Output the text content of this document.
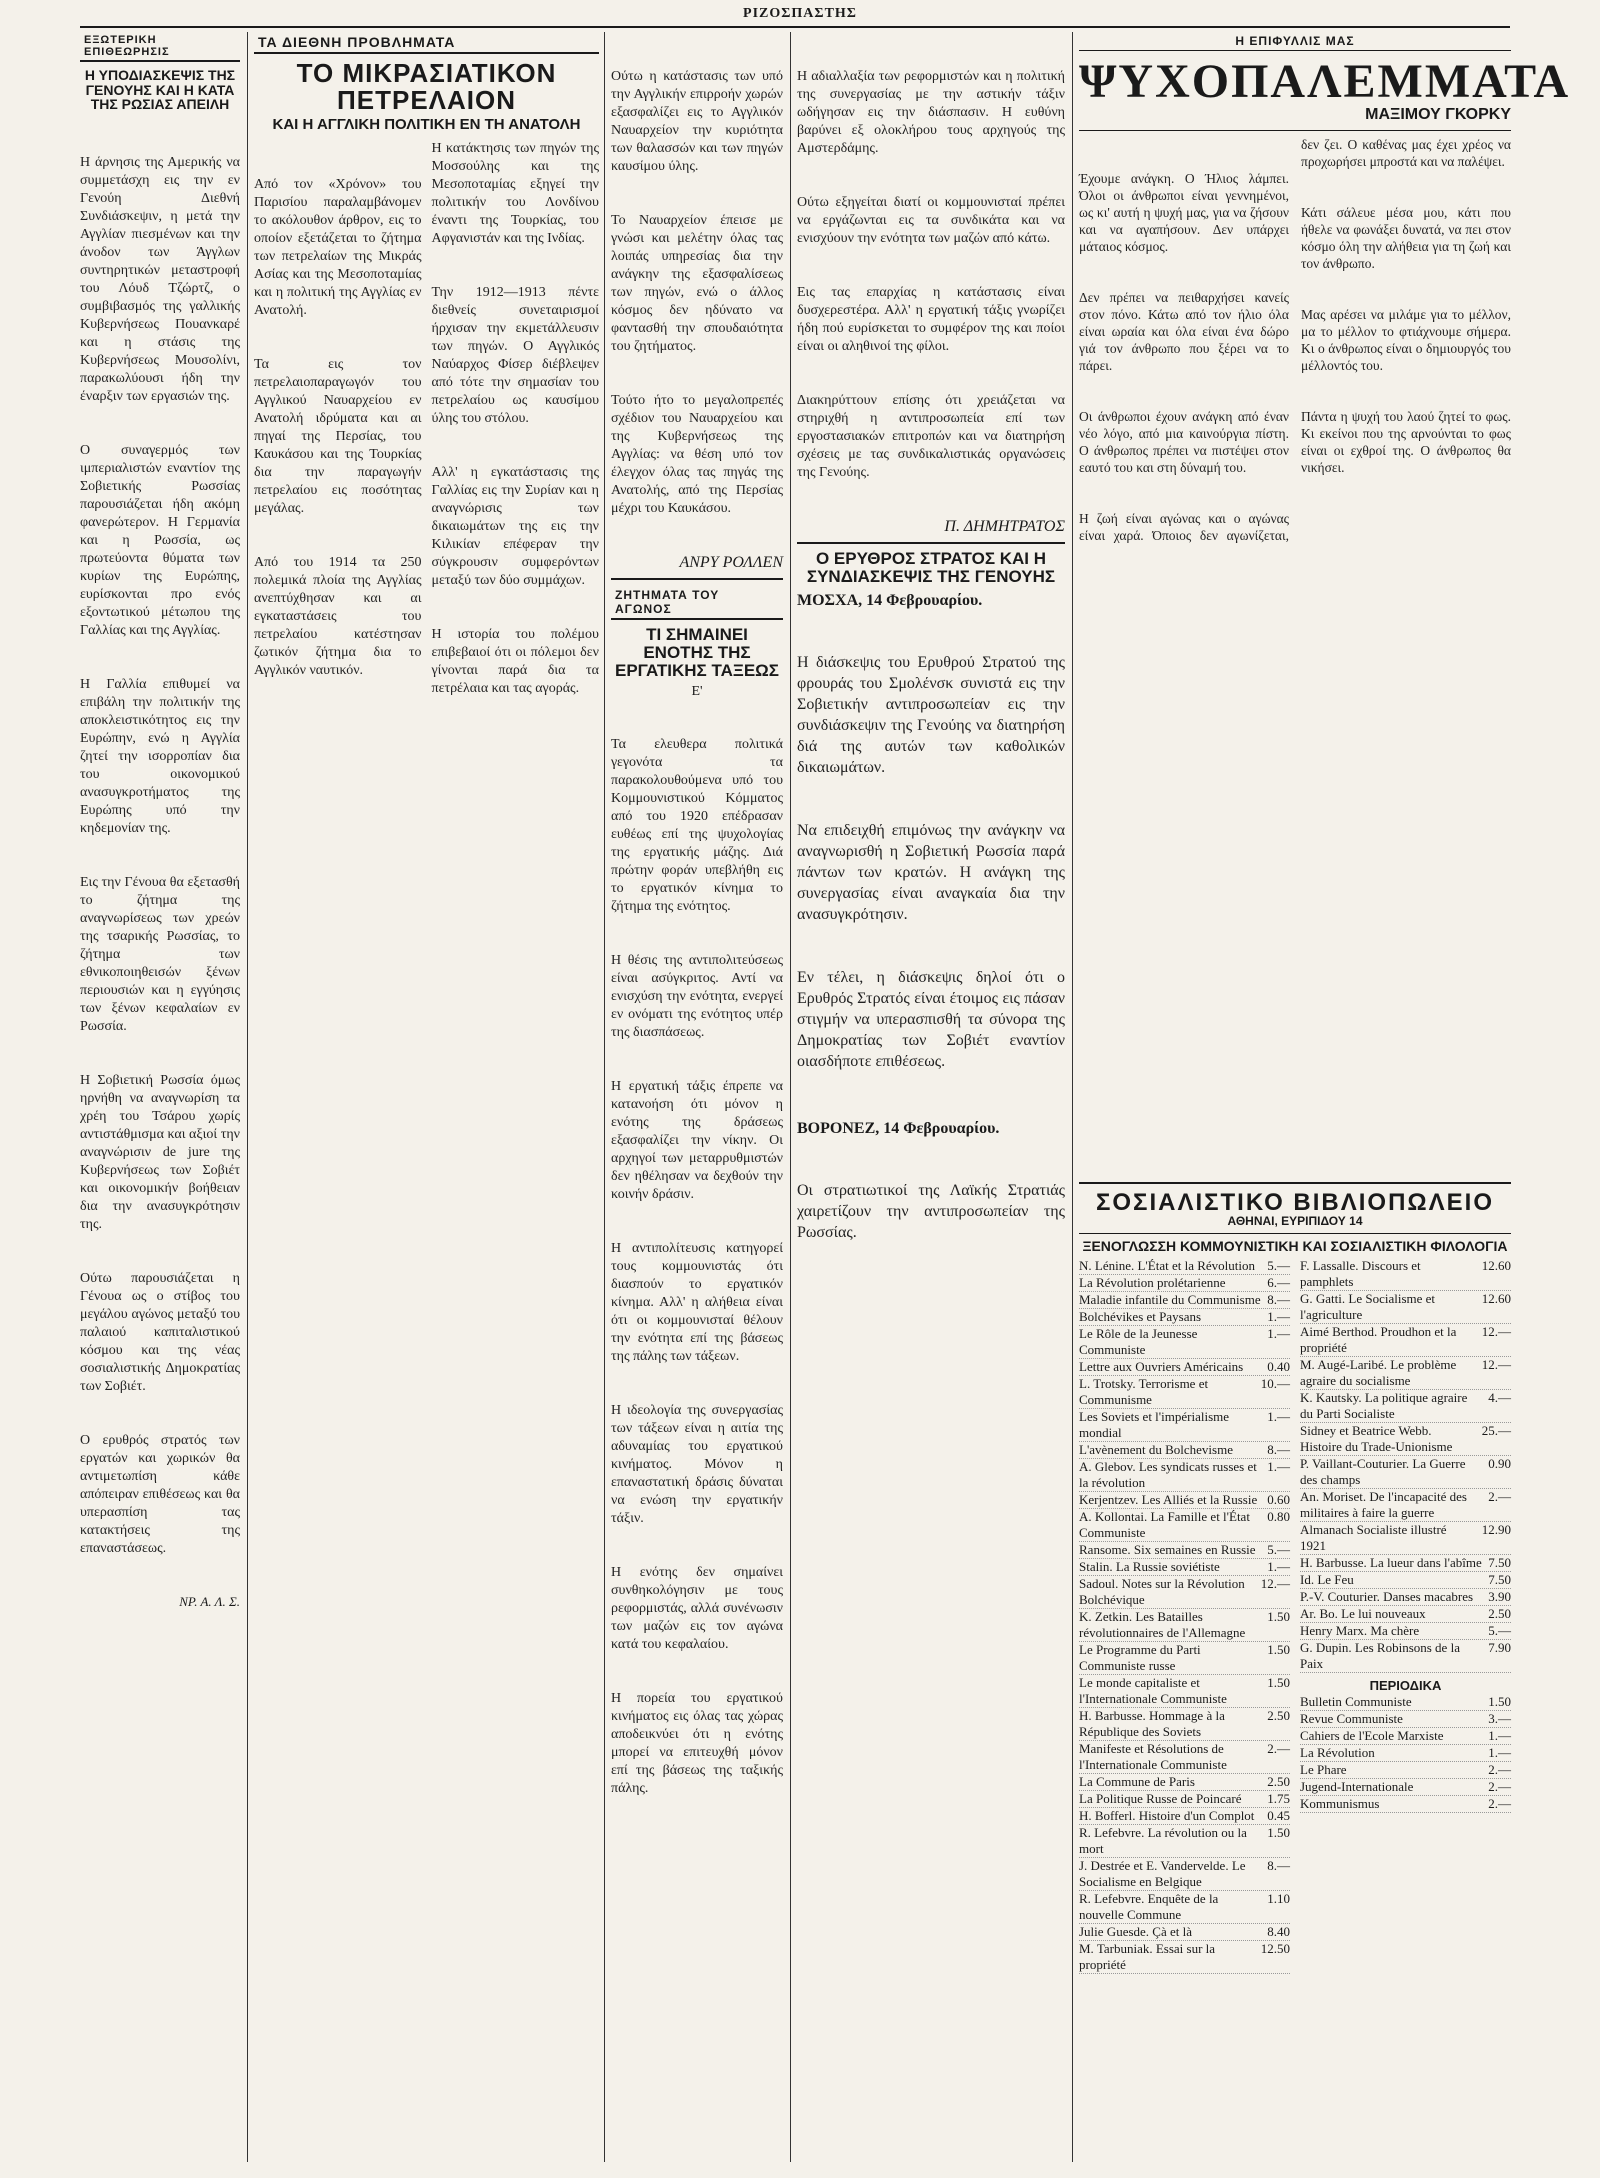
ΡΙΖΟΣΠΑΣΤΗΣ
ΕΞΩΤΕΡΙΚΗ ΕΠΙΘΕΩΡΗΣΙΣ
Η ΥΠΟΔΙΑΣΚΕΨΙΣ ΤΗΣ ΓΕΝΟΥΗΣ ΚΑΙ Η ΚΑΤΑ ΤΗΣ ΡΩΣΙΑΣ ΑΠΕΙΛΗ

Η άρνησις της Αμερικής να συμμετάσχη εις την εν Γενούη Διεθνή Συνδιάσκεψιν, η μετά την Αγγλίαν πιεσμένων και την άνοδον των Άγγλων συντηρητικών μεταστροφή του Λόυδ Τζώρτζ, ο συμβιβασμός της γαλλικής Κυβερνήσεως Πουανκαρέ και η στάσις της Κυβερνήσεως Μουσολίνι, παρακωλύουσι ήδη την έναρξιν των εργασιών της.

Ο συναγερμός των ιμπεριαλιστών εναντίον της Σοβιετικής Ρωσσίας παρουσιάζεται ήδη ακόμη φανερώτερον. Η Γερμανία και η Ρωσσία, ως πρωτεύοντα θύματα των κυρίων της Ευρώπης, ευρίσκονται προ ενός εξοντωτικού μέτωπου της Γαλλίας και της Αγγλίας.

Η Γαλλία επιθυμεί να επιβάλη την πολιτικήν της αποκλειστικότητος εις την Ευρώπην, ενώ η Αγγλία ζητεί την ισορροπίαν δια του οικονομικού ανασυγκροτήματος της Ευρώπης υπό την κηδεμονίαν της.

Εις την Γένουα θα εξετασθή το ζήτημα της αναγνωρίσεως των χρεών της τσαρικής Ρωσσίας, το ζήτημα των εθνικοποιηθεισών ξένων περιουσιών και η εγγύησις των ξένων κεφαλαίων εν Ρωσσία.

Η Σοβιετική Ρωσσία όμως ηρνήθη να αναγνωρίση τα χρέη του Τσάρου χωρίς αντιστάθμισμα και αξιοί την αναγνώρισιν de jure της Κυβερνήσεως των Σοβιέτ και οικονομικήν βοήθειαν δια την ανασυγκρότησιν της.

Ούτω παρουσιάζεται η Γένουα ως ο στίβος του μεγάλου αγώνος μεταξύ του παλαιού καπιταλιστικού κόσμου και της νέας σοσιαλιστικής Δημοκρατίας των Σοβιέτ.

Ο ερυθρός στρατός των εργατών και χωρικών θα αντιμετωπίση κάθε απόπειραν επιθέσεως και θα υπερασπίση τας κατακτήσεις της επαναστάσεως.

ΝΡ. Α. Λ. Σ.
ΤΑ ΔΙΕΘΝΗ ΠΡΟΒΛΗΜΑΤΑ
ΤΟ ΜΙΚΡΑΣΙΑΤΙΚΟΝ ΠΕΤΡΕΛΑΙΟΝ
ΚΑΙ Η ΑΓΓΛΙΚΗ ΠΟΛΙΤΙΚΗ ΕΝ ΤΗ ΑΝΑΤΟΛΗ

Από τον «Χρόνον» του Παρισίου παραλαμβάνομεν το ακόλουθον άρθρον, εις το οποίον εξετάζεται το ζήτημα των πετρελαίων της Μικράς Ασίας και της Μεσοποταμίας και η πολιτική της Αγγλίας εν Ανατολή.

Τα εις τον πετρελαιοπαραγωγόν του Αγγλικού Ναυαρχείου εν Ανατολή ιδρύματα και αι πηγαί της Περσίας, του Καυκάσου και της Τουρκίας δια την παραγωγήν πετρελαίου εις ποσότητας μεγάλας.

Από του 1914 τα 250 πολεμικά πλοία της Αγγλίας ανεπτύχθησαν και αι εγκαταστάσεις του πετρελαίου κατέστησαν ζωτικόν ζήτημα δια το Αγγλικόν ναυτικόν.

Η κατάκτησις των πηγών της Μοσσούλης και της Μεσοποταμίας εξηγεί την πολιτικήν του Λονδίνου έναντι της Τουρκίας, του Αφγανιστάν και της Ινδίας.

Την 1912—1913 πέντε διεθνείς συνεταιρισμοί ήρχισαν την εκμετάλλευσιν των πηγών. Ο Αγγλικός Ναύαρχος Φίσερ διέβλεψεν από τότε την σημασίαν του πετρελαίου ως καυσίμου ύλης του στόλου.

Αλλ' η εγκατάστασις της Γαλλίας εις την Συρίαν και η αναγνώρισις των δικαιωμάτων της εις την Κιλικίαν επέφεραν την σύγκρουσιν συμφερόντων μεταξύ των δύο συμμάχων.

Η ιστορία του πολέμου επιβεβαιοί ότι οι πόλεμοι δεν γίνονται παρά δια τα πετρέλαια και τας αγοράς.

Ούτω η κατάστασις των υπό την Αγγλικήν επιρροήν χωρών εξασφαλίζει εις το Αγγλικόν Ναυαρχείον την κυριότητα των θαλασσών και των πηγών καυσίμου ύλης.

Το Ναυαρχείον έπεισε με γνώσι και μελέτην όλας τας λοιπάς υπηρεσίας δια την ανάγκην της εξασφαλίσεως των πηγών, ενώ ο άλλος κόσμος δεν ηδύνατο να φαντασθή την σπουδαιότητα του ζητήματος.

Τούτο ήτο το μεγαλοπρεπές σχέδιον του Ναυαρχείου και της Κυβερνήσεως της Αγγλίας: να θέση υπό τον έλεγχον όλας τας πηγάς της Ανατολής, από της Περσίας μέχρι του Καυκάσου.

ΑΝΡΥ ΡΟΛΛΕΝ
ΖΗΤΗΜΑΤΑ ΤΟΥ ΑΓΩΝΟΣ
ΤΙ ΣΗΜΑΙΝΕΙ ΕΝΟΤΗΣ ΤΗΣ ΕΡΓΑΤΙΚΗΣ ΤΑΞΕΩΣ
Ε'

Τα ελευθερα πολιτικά γεγονότα τα παρακολουθούμενα υπό του Κομμουνιστικού Κόμματος από του 1920 επέδρασαν ευθέως επί της ψυχολογίας της εργατικής μάζης. Διά πρώτην φοράν υπεβλήθη εις το εργατικόν κίνημα το ζήτημα της ενότητος.

Η θέσις της αντιπολιτεύσεως είναι ασύγκριτος. Αντί να ενισχύση την ενότητα, ενεργεί εν ονόματι της ενότητος υπέρ της διασπάσεως.

Η εργατική τάξις έπρεπε να κατανοήση ότι μόνον η ενότης της δράσεως εξασφαλίζει την νίκην. Οι αρχηγοί των μεταρρυθμιστών δεν ηθέλησαν να δεχθούν την κοινήν δράσιν.

Η αντιπολίτευσις κατηγορεί τους κομμουνιστάς ότι διασπούν το εργατικόν κίνημα. Αλλ' η αλήθεια είναι ότι οι κομμουνισταί θέλουν την ενότητα επί της βάσεως της πάλης των τάξεων.

Η ιδεολογία της συνεργασίας των τάξεων είναι η αιτία της αδυναμίας του εργατικού κινήματος. Μόνον η επαναστατική δράσις δύναται να ενώση την εργατικήν τάξιν.

Η ενότης δεν σημαίνει συνθηκολόγησιν με τους ρεφορμιστάς, αλλά συνένωσιν των μαζών εις τον αγώνα κατά του κεφαλαίου.

Η πορεία του εργατικού κινήματος εις όλας τας χώρας αποδεικνύει ότι η ενότης μπορεί να επιτευχθή μόνον επί της βάσεως της ταξικής πάλης.

Η αδιαλλαξία των ρεφορμιστών και η πολιτική της συνεργασίας με την αστικήν τάξιν ωδήγησαν εις την διάσπασιν. Η ευθύνη βαρύνει εξ ολοκλήρου τους αρχηγούς της Αμστερδάμης.

Ούτω εξηγείται διατί οι κομμουνισταί πρέπει να εργάζωνται εις τα συνδικάτα και να ενισχύουν την ενότητα των μαζών από κάτω.

Εις τας επαρχίας η κατάστασις είναι δυσχερεστέρα. Αλλ' η εργατική τάξις γνωρίζει ήδη πού ευρίσκεται το συμφέρον της και ποίοι είναι οι αληθινοί της φίλοι.

Διακηρύττουν επίσης ότι χρειάζεται να στηριχθή η αντιπροσωπεία επί των εργοστασιακών επιτροπών και να διατηρήση σχέσεις με τας συνδικαλιστικάς οργανώσεις της Γενούης.

Π. ΔΗΜΗΤΡΑΤΟΣ
Ο ΕΡΥΘΡΟΣ ΣΤΡΑΤΟΣ ΚΑΙ Η ΣΥΝΔΙΑΣΚΕΨΙΣ ΤΗΣ ΓΕΝΟΥΗΣ
ΜΟΣΧΑ, 14 Φεβρουαρίου.

Η διάσκεψις του Ερυθρού Στρατού της φρουράς του Σμολένσκ συνιστά εις την Σοβιετικήν αντιπροσωπείαν εις την συνδιάσκεψιν της Γενούης να διατηρήση διά της αυτών των καθολικών δικαιωμάτων.

Να επιδειχθή επιμόνως την ανάγκην να αναγνωρισθή η Σοβιετική Ρωσσία παρά πάντων των κρατών. Η ανάγκη της συνεργασίας είναι αναγκαία δια την ανασυγκρότησιν.

Εν τέλει, η διάσκεψις δηλοί ότι ο Ερυθρός Στρατός είναι έτοιμος εις πάσαν στιγμήν να υπερασπισθή τα σύνορα της Δημοκρατίας των Σοβιέτ εναντίον οιασδήποτε επιθέσεως.

ΒΟΡΟΝΕΖ, 14 Φεβρουαρίου.

Οι στρατιωτικοί της Λαϊκής Στρατιάς χαιρετίζουν την αντιπροσωπείαν της Ρωσσίας.

Η ΕΠΙΦΥΛΛΙΣ ΜΑΣ
ΨΥΧΟΠΑΛΕΜΜΑΤΑ
ΜΑΞΙΜΟΥ ΓΚΟΡΚΥ

Έχουμε ανάγκη. Ο Ήλιος λάμπει. Όλοι οι άνθρωποι είναι γεννημένοι, ως κι' αυτή η ψυχή μας, για να ζήσουν και να αγαπήσουν. Δεν υπάρχει μάταιος κόσμος.

Δεν πρέπει να πειθαρχήσει κανείς στον πόνο. Κάτω από τον ήλιο όλα είναι ωραία και όλα είναι ένα δώρο γιά τον άνθρωπο που ξέρει να το πάρει.

Οι άνθρωποι έχουν ανάγκη από έναν νέο λόγο, από μια καινούργια πίστη. Ο άνθρωπος πρέπει να πιστέψει στον εαυτό του και στη δύναμή του.

Η ζωή είναι αγώνας και ο αγώνας είναι χαρά. Όποιος δεν αγωνίζεται, δεν ζει. Ο καθένας μας έχει χρέος να προχωρήσει μπροστά και να παλέψει.

Κάτι σάλευε μέσα μου, κάτι που ήθελε να φωνάξει δυνατά, να πει στον κόσμο όλη την αλήθεια για τη ζωή και τον άνθρωπο.

Μας αρέσει να μιλάμε για το μέλλον, μα το μέλλον το φτιάχνουμε σήμερα. Κι ο άνθρωπος είναι ο δημιουργός του μέλλοντός του.

Πάντα η ψυχή του λαού ζητεί το φως. Κι εκείνοι που της αρνούνται το φως είναι οι εχθροί της. Ο άνθρωπος θα νικήσει.

ΣΟΣΙΑΛΙΣΤΙΚΟ ΒΙΒΛΙΟΠΩΛΕΙΟ
ΑΘΗΝΑΙ, ΕΥΡΙΠΙΔΟΥ 14
ΞΕΝΟΓΛΩΣΣΗ ΚΟΜΜΟΥΝΙΣΤΙΚΗ ΚΑΙ ΣΟΣΙΑΛΙΣΤΙΚΗ ΦΙΛΟΛΟΓΙΑ
N. Lénine. L'État et la Révolution 5.—
La Révolution prolétarienne	6.—
Maladie infantile du Communisme 8.—
Bolchévikes et Paysans	1.—
Le Rôle de la Jeunesse Communiste
1.—
Lettre aux Ouvriers Américains	0.40
L. Trotsky. Terrorisme et Communisme
10.—
Les Soviets et l'impérialisme mondial
1.—
L'avènement du Bolchevisme	8.—
A. Glebov. Les syndicats russes et la révolution
1.—
Kerjentzev. Les Alliés et la Russie 0.60
A. Kollontai. La Famille et l'État Communiste
0.80
Ransome. Six semaines en Russie 5.—
Stalin. La Russie soviétiste	1.—
Sadoul. Notes sur la Révolution Bolchévique
12.—
K. Zetkin. Les Batailles révolutionnaires de l'Allemagne
1.50
Le Programme du Parti Communiste russe
1.50
Le monde capitaliste et l'Internationale Communiste
1.50
H. Barbusse. Hommage à la République des Soviets
2.50
Manifeste et Résolutions de l'Internationale Communiste
2.—
La Commune de Paris	2.50
La Politique Russe de Poincaré	1.75
H. Bofferl. Histoire d'un Complot 0.45
R. Lefebvre. La révolution ou la mort
1.50
J. Destrée et E. Vandervelde. Le Socialisme en Belgique
8.—
R. Lefebvre. Enquête de la nouvelle Commune
1.10
Julie Guesde. Çà et là	8.40
M. Tarbuniak. Essai sur la propriété
12.50
F. Lassalle. Discours et pamphlets
12.60
G. Gatti. Le Socialisme et l'agriculture
12.60
Aimé Berthod. Proudhon et la propriété
12.—
M. Augé-Laribé. Le problème agraire du socialisme
12.—
K. Kautsky. La politique agraire du Parti Socialiste
4.—
Sidney et Beatrice Webb. Histoire du Trade-Unionisme
25.—
P. Vaillant-Couturier. La Guerre des champs
0.90
An. Moriset. De l'incapacité des militaires à faire la guerre
2.—
Almanach Socialiste illustré 1921
12.90
H. Barbusse. La lueur dans l'abîme 7.50
Id. Le Feu	7.50
P.-V. Couturier. Danses macabres	3.90
Ar. Bo. Le lui nouveaux	2.50
Henry Marx. Ma chère	5.—
G. Dupin. Les Robinsons de la Paix
7.90
ΠΕΡΙΟΔΙΚΑ
Bulletin Communiste	1.50
Revue Communiste	3.—
Cahiers de l'Ecole Marxiste	1.—
La Révolution	1.—
Le Phare	2.—
Jugend-Internationale	2.—
Kommunismus	2.—
